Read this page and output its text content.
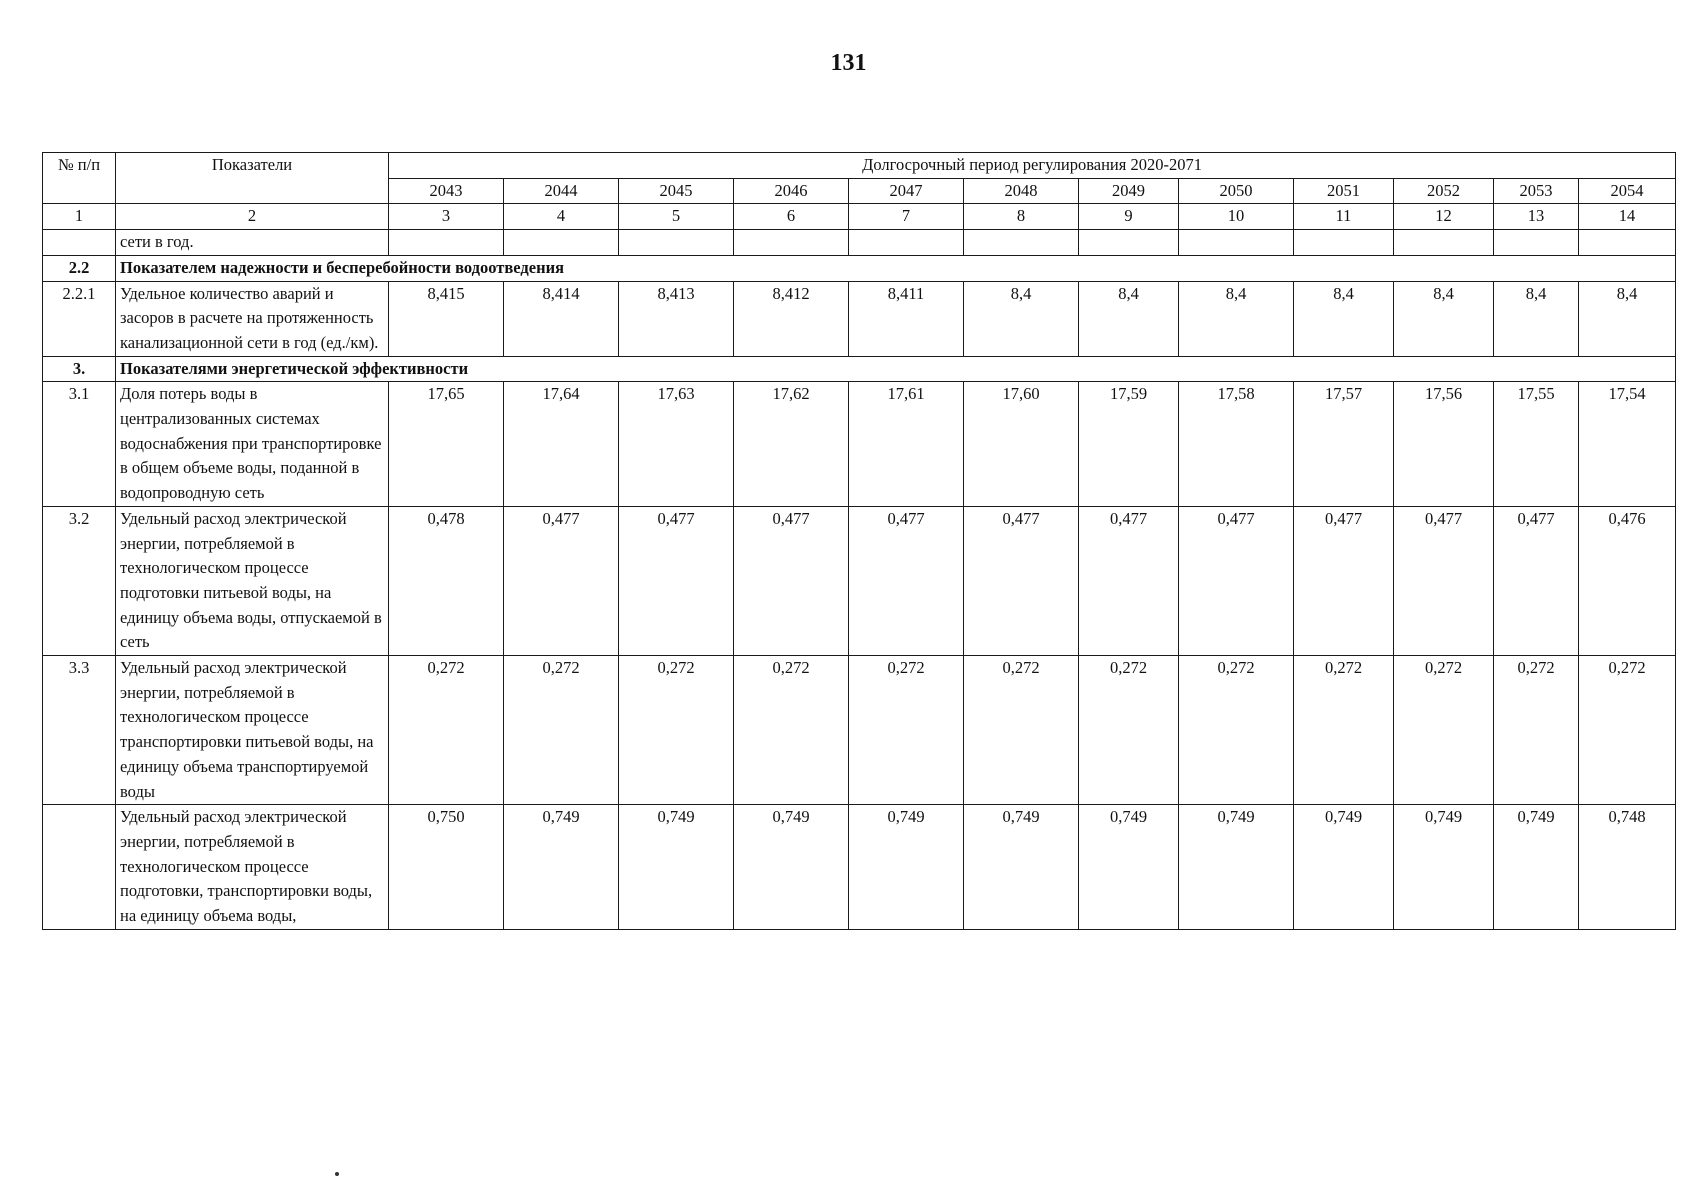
131
№ п/п	Показатели	Долгосрочный период регулирования 2020-2071											
		2043	2044	2045	2046	2047	2048	2049	2050	2051	2052	2053	2054
1	2	3	4	5	6	7	8	9	10	11	12	13	14
	сети в год.												
2.2	Показателем надежности и бесперебойности водоотведения												
2.2.1	Удельное количество аварий и засоров в расчете на протяженность канализационной сети в год (ед./км).	8,415	8,414	8,413	8,412	8,411	8,4	8,4	8,4	8,4	8,4	8,4	8,4
3.	Показателями энергетической эффективности												
3.1	Доля потерь воды в централизованных системах водоснабжения при транспортировке в общем объеме воды, поданной в водопроводную сеть	17,65	17,64	17,63	17,62	17,61	17,60	17,59	17,58	17,57	17,56	17,55	17,54
3.2	Удельный расход электрической энергии, потребляемой в технологическом процессе подготовки питьевой воды, на единицу объема воды, отпускаемой в сеть	0,478	0,477	0,477	0,477	0,477	0,477	0,477	0,477	0,477	0,477	0,477	0,476
3.3	Удельный расход электрической энергии, потребляемой в технологическом процессе транспортировки питьевой воды, на единицу объема транспортируемой воды	0,272	0,272	0,272	0,272	0,272	0,272	0,272	0,272	0,272	0,272	0,272	0,272
	Удельный расход электрической энергии, потребляемой в технологическом процессе подготовки, транспортировки воды, на единицу объема воды,	0,750	0,749	0,749	0,749	0,749	0,749	0,749	0,749	0,749	0,749	0,749	0,748
